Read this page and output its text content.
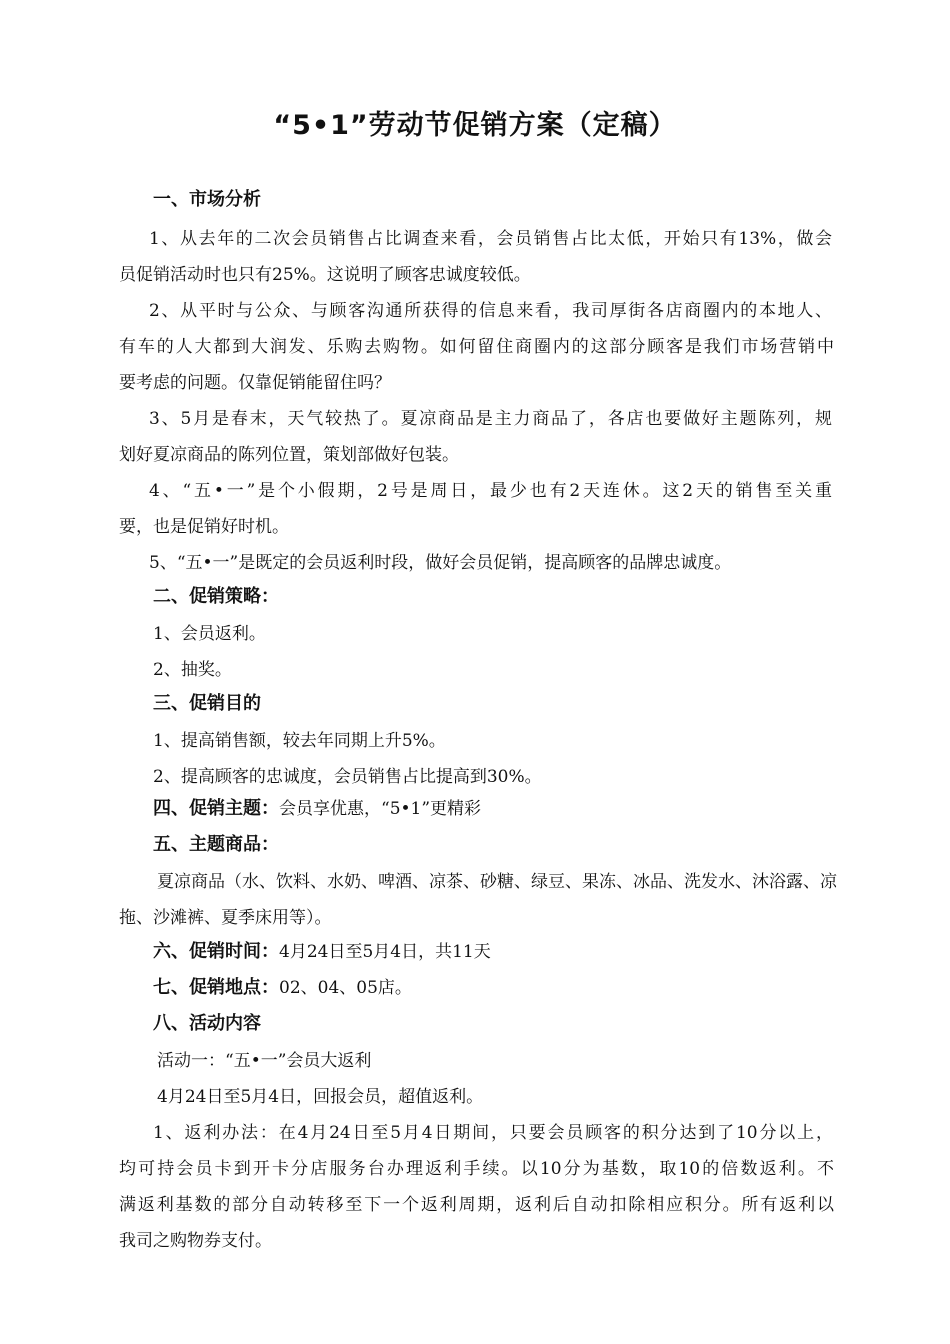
“5•1”劳动节促销方案（定稿）
一、市场分析
1、从去年的二次会员销售占比调查来看，会员销售占比太低，开始只有13%，做会
员促销活动时也只有25%。这说明了顾客忠诚度较低。
2、从平时与公众、与顾客沟通所获得的信息来看，我司厚街各店商圈内的本地人、
有车的人大都到大润发、乐购去购物。如何留住商圈内的这部分顾客是我们市场营销中
要考虑的问题。仅靠促销能留住吗？
3、5月是春末，天气较热了。夏凉商品是主力商品了，各店也要做好主题陈列，规
划好夏凉商品的陈列位置，策划部做好包装。
4、“五•一”是个小假期，2号是周日，最少也有2天连休。这2天的销售至关重
要，也是促销好时机。
5、“五•一”是既定的会员返利时段，做好会员促销，提高顾客的品牌忠诚度。
二、促销策略：
1、会员返利。
2、抽奖。
三、促销目的
1、提高销售额，较去年同期上升5%。
2、提高顾客的忠诚度，会员销售占比提高到30%。
四、促销主题：会员享优惠，“5•1”更精彩
五、主题商品：
夏凉商品（水、饮料、水奶、啤酒、凉茶、砂糖、绿豆、果冻、冰品、洗发水、沐浴露、凉
拖、沙滩裤、夏季床用等）。
六、促销时间：4月24日至5月4日，共11天
七、促销地点：02、04、05店。
八、活动内容
活动一：“五•一”会员大返利
4月24日至5月4日，回报会员，超值返利。
1、返利办法：在4月24日至5月4日期间，只要会员顾客的积分达到了10分以上，
均可持会员卡到开卡分店服务台办理返利手续。以10分为基数，取10的倍数返利。不
满返利基数的部分自动转移至下一个返利周期，返利后自动扣除相应积分。所有返利以
我司之购物券支付。
